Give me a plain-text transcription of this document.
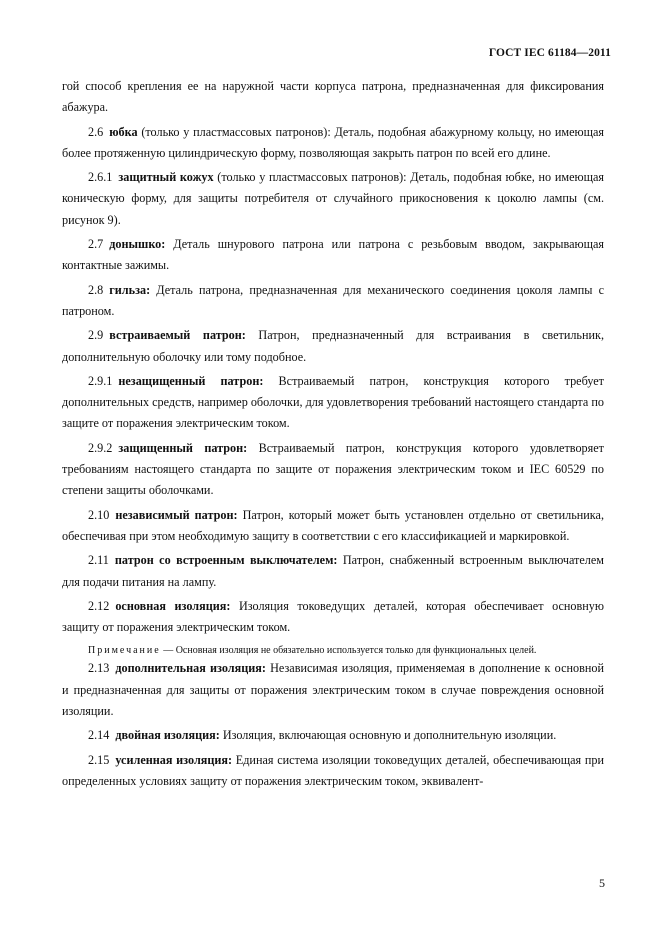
ГОСТ IEC 61184—2011

гой способ крепления ее на наружной части корпуса патрона, предназначенная для фиксирования абажура.

2.6 юбка (только у пластмассовых патронов): Деталь, подобная абажурному кольцу, но имеющая более протяженную цилиндрическую форму, позволяющая закрыть патрон по всей его длине.

2.6.1 защитный кожух (только у пластмассовых патронов): Деталь, подобная юбке, но имеющая коническую форму, для защиты потребителя от случайного прикосновения к цоколю лампы (см. рисунок 9).

2.7 донышко: Деталь шнурового патрона или патрона с резьбовым вводом, закрывающая контактные зажимы.

2.8 гильза: Деталь патрона, предназначенная для механического соединения цоколя лампы с патроном.

2.9 встраиваемый патрон: Патрон, предназначенный для встраивания в светильник, дополнительную оболочку или тому подобное.

2.9.1 незащищенный патрон: Встраиваемый патрон, конструкция которого требует дополнительных средств, например оболочки, для удовлетворения требований настоящего стандарта по защите от поражения электрическим током.

2.9.2 защищенный патрон: Встраиваемый патрон, конструкция которого удовлетворяет требованиям настоящего стандарта по защите от поражения электрическим током и IEC 60529 по степени защиты оболочками.

2.10 независимый патрон: Патрон, который может быть установлен отдельно от светильника, обеспечивая при этом необходимую защиту в соответствии с его классификацией и маркировкой.

2.11 патрон со встроенным выключателем: Патрон, снабженный встроенным выключателем для подачи питания на лампу.

2.12 основная изоляция: Изоляция токоведущих деталей, которая обеспечивает основную защиту от поражения электрическим током.

Примечание — Основная изоляция не обязательно используется только для функциональных целей.

2.13 дополнительная изоляция: Независимая изоляция, применяемая в дополнение к основной и предназначенная для защиты от поражения электрическим током в случае повреждения основной изоляции.

2.14 двойная изоляция: Изоляция, включающая основную и дополнительную изоляции.

2.15 усиленная изоляция: Единая система изоляции токоведущих деталей, обеспечивающая при определенных условиях защиту от поражения электрическим током, эквивалент-

5
